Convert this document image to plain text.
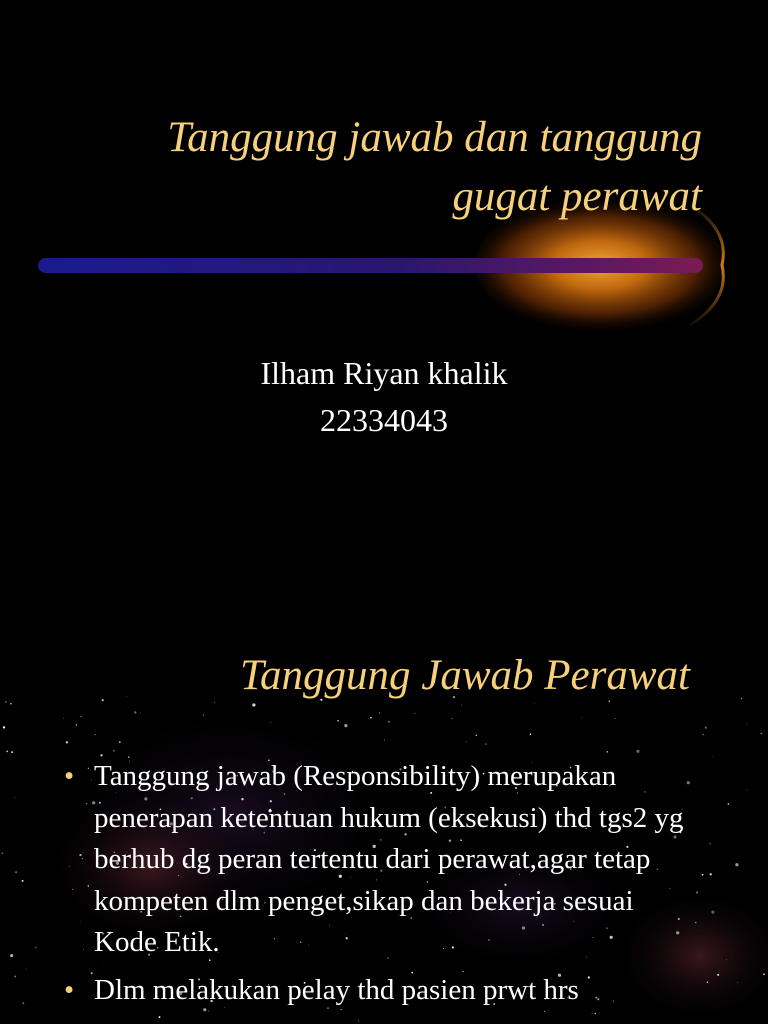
Tanggung jawab dan tanggung
gugat perawat
Ilham Riyan khalik
22334043
Tanggung Jawab Perawat
• Tanggung jawab (Responsibility) merupakan penerapan ketentuan hukum (eksekusi) thd tgs2 yg berhub dg peran tertentu dari perawat,agar tetap kompeten dlm penget,sikap dan bekerja sesuai Kode Etik.
• Dlm melakukan pelay thd pasien prwt hrs
